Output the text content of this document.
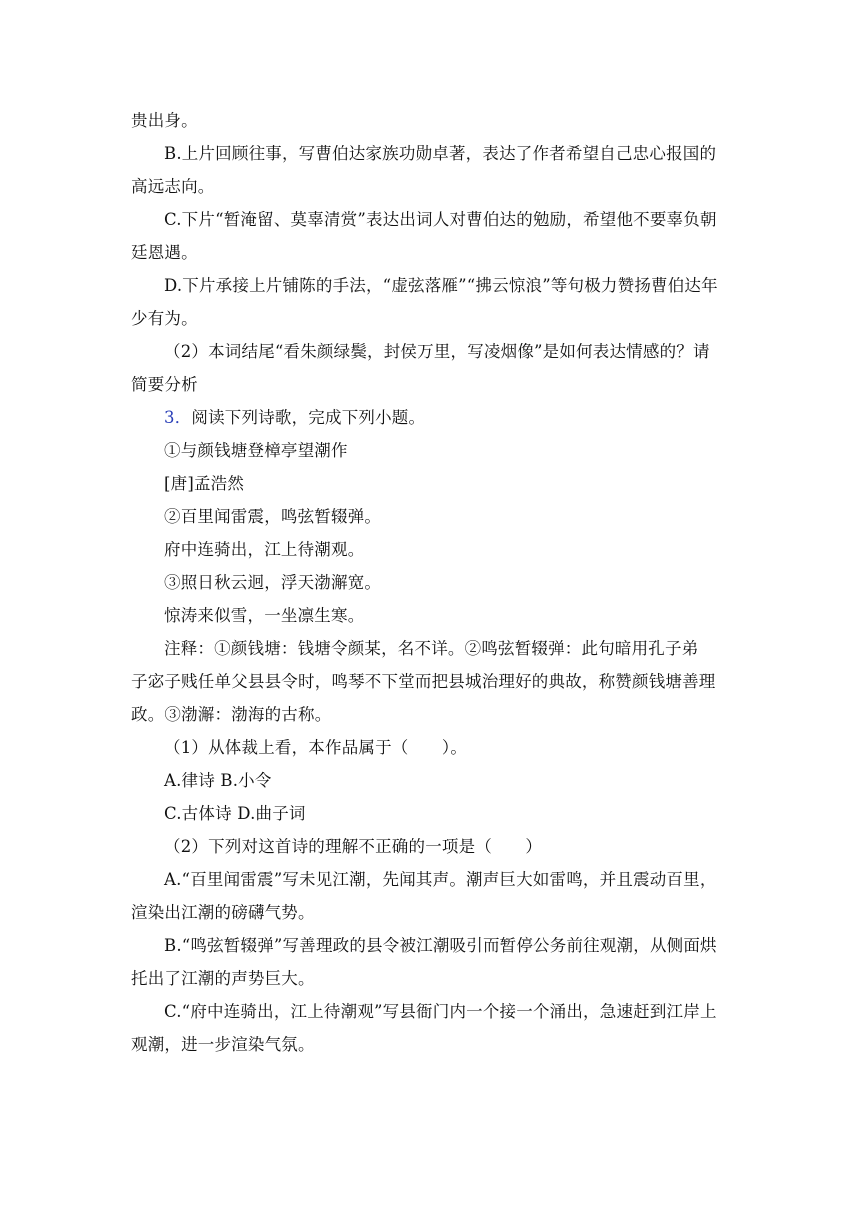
贵出身。
B.上片回顾往事，写曹伯达家族功勋卓著，表达了作者希望自己忠心报国的
高远志向。
C.下片“暂淹留、莫辜清赏”表达出词人对曹伯达的勉励，希望他不要辜负朝
廷恩遇。
D.下片承接上片铺陈的手法，“虚弦落雁”“拂云惊浪”等句极力赞扬曹伯达年
少有为。
（2）本词结尾“看朱颜绿鬓，封侯万里，写凌烟像”是如何表达情感的？请
简要分析
3．阅读下列诗歌，完成下列小题。
①与颜钱塘登樟亭望潮作
[唐]孟浩然
②百里闻雷震，鸣弦暂辍弹。
府中连骑出，江上待潮观。
③照日秋云迥，浮天渤澥宽。
惊涛来似雪，一坐凛生寒。
注释：①颜钱塘：钱塘令颜某，名不详。②鸣弦暂辍弹：此句暗用孔子弟
子宓子贱任单父县县令时，鸣琴不下堂而把县城治理好的典故，称赞颜钱塘善理
政。③渤澥：渤海的古称。
（1）从体裁上看，本作品属于（　　）。
A.律诗 B.小令
C.古体诗 D.曲子词
（2）下列对这首诗的理解不正确的一项是（　　）
A.“百里闻雷震”写未见江潮，先闻其声。潮声巨大如雷鸣，并且震动百里，
渲染出江潮的磅礴气势。
B.“鸣弦暂辍弹”写善理政的县令被江潮吸引而暂停公务前往观潮，从侧面烘
托出了江潮的声势巨大。
C.“府中连骑出，江上待潮观”写县衙门内一个接一个涌出，急速赶到江岸上
观潮，进一步渲染气氛。
